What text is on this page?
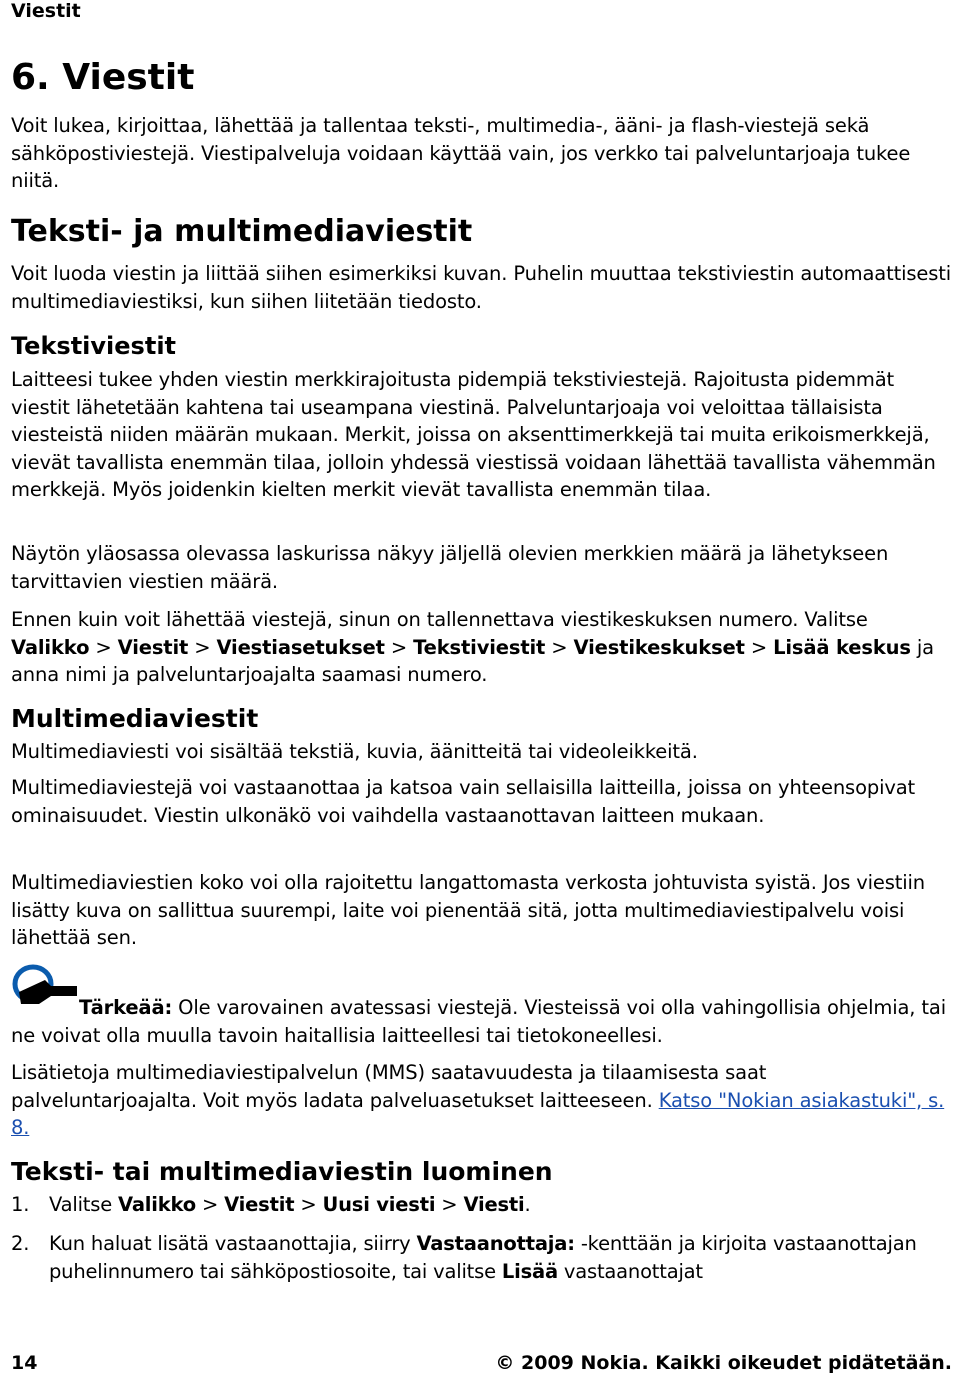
Viestit
6. Viestit

Voit lukea, kirjoittaa, lähettää ja tallentaa teksti-, multimedia-, ääni- ja flash-viestejä sekä sähköpostiviestejä. Viestipalveluja voidaan käyttää vain, jos verkko tai palveluntarjoaja tukee niitä.

Teksti- ja multimediaviestit

Voit luoda viestin ja liittää siihen esimerkiksi kuvan. Puhelin muuttaa tekstiviestin automaattisesti multimediaviestiksi, kun siihen liitetään tiedosto.

Tekstiviestit

Laitteesi tukee yhden viestin merkkirajoitusta pidempiä tekstiviestejä. Rajoitusta pidemmät viestit lähetetään kahtena tai useampana viestinä. Palveluntarjoaja voi veloittaa tällaisista viesteistä niiden määrän mukaan. Merkit, joissa on aksenttimerkkejä tai muita erikoismerkkejä, vievät tavallista enemmän tilaa, jolloin yhdessä viestissä voidaan lähettää tavallista vähemmän merkkejä. Myös joidenkin kielten merkit vievät tavallista enemmän tilaa.

Näytön yläosassa olevassa laskurissa näkyy jäljellä olevien merkkien määrä ja lähetykseen tarvittavien viestien määrä.

Ennen kuin voit lähettää viestejä, sinun on tallennettava viestikeskuksen numero. Valitse Valikko > Viestit > Viestiasetukset > Tekstiviestit > Viestikeskukset > Lisää keskus ja anna nimi ja palveluntarjoajalta saamasi numero.

Multimediaviestit

Multimediaviesti voi sisältää tekstiä, kuvia, äänitteitä tai videoleikkeitä.

Multimediaviestejä voi vastaanottaa ja katsoa vain sellaisilla laitteilla, joissa on yhteensopivat ominaisuudet. Viestin ulkonäkö voi vaihdella vastaanottavan laitteen mukaan.

Multimediaviestien koko voi olla rajoitettu langattomasta verkosta johtuvista syistä. Jos viestiin lisätty kuva on sallittua suurempi, laite voi pienentää sitä, jotta multimediaviestipalvelu voisi lähettää sen.

Tärkeää: Ole varovainen avatessasi viestejä. Viesteissä voi olla vahingollisia ohjelmia, tai ne voivat olla muulla tavoin haitallisia laitteellesi tai tietokoneellesi.

Lisätietoja multimediaviestipalvelun (MMS) saatavuudesta ja tilaamisesta saat palveluntarjoajalta. Voit myös ladata palveluasetukset laitteeseen. Katso "Nokian asiakastuki", s. 8.

Teksti- tai multimediaviestin luominen
1. Valitse Valikko > Viestit > Uusi viesti > Viesti.
2. Kun haluat lisätä vastaanottajia, siirry Vastaanottaja: -kenttään ja kirjoita vastaanottajan puhelinnumero tai sähköpostiosoite, tai valitse Lisää vastaanottajat
14	© 2009 Nokia. Kaikki oikeudet pidätetään.
